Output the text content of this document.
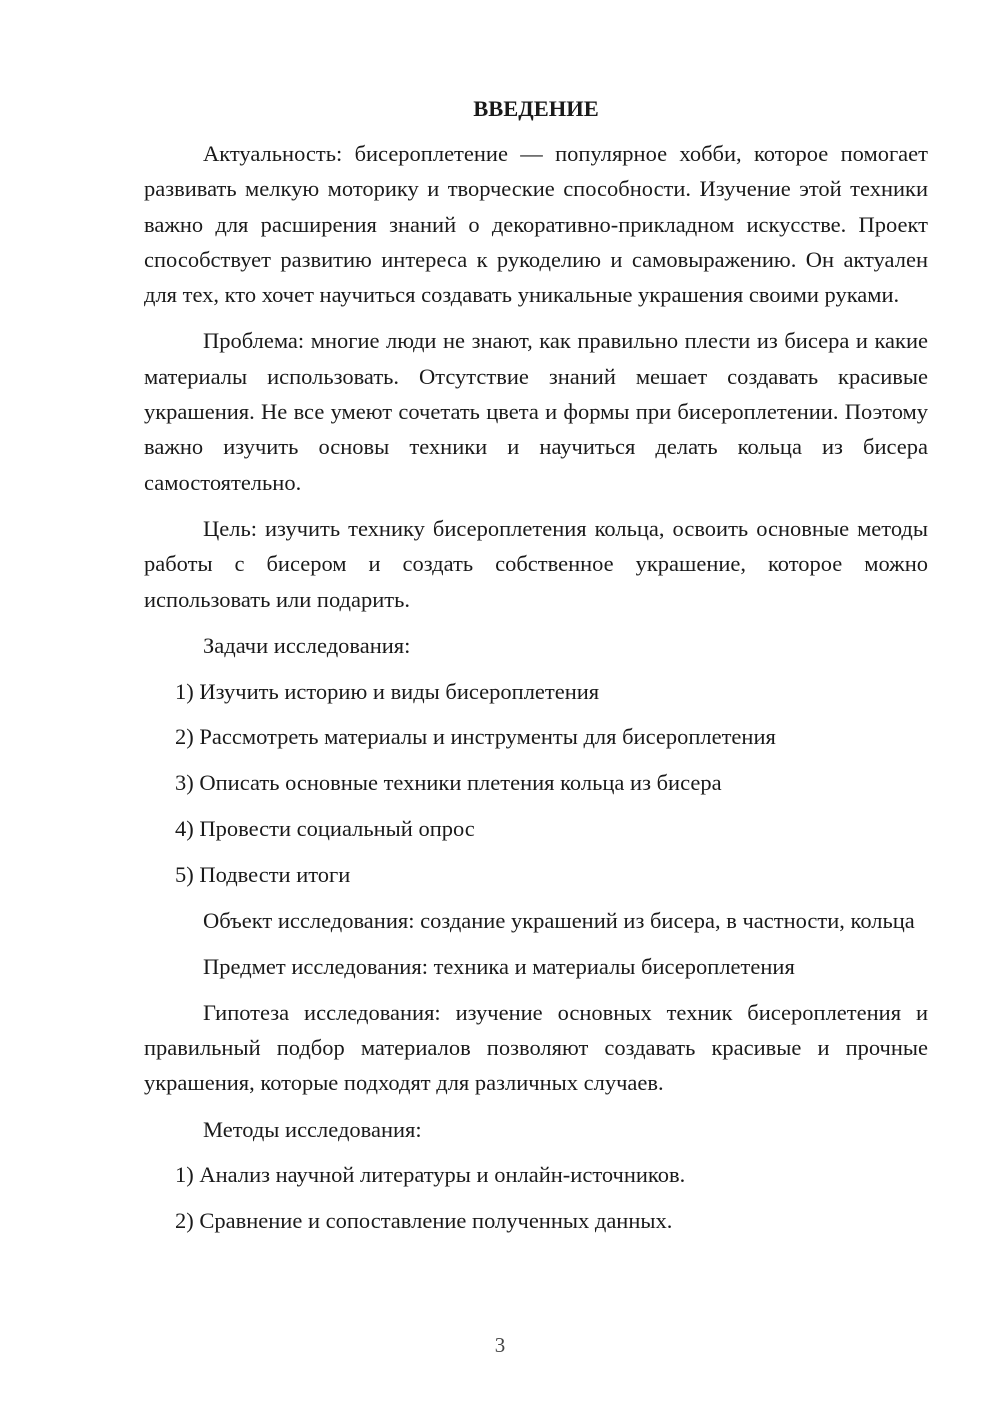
ВВЕДЕНИЕ

Актуальность: бисероплетение — популярное хобби, которое помогает развивать мелкую моторику и творческие способности. Изучение этой техники важно для расширения знаний о декоративно-прикладном искусстве. Проект способствует развитию интереса к рукоделию и самовыражению. Он актуален для тех, кто хочет научиться создавать уникальные украшения своими руками.

Проблема: многие люди не знают, как правильно плести из бисера и какие материалы использовать. Отсутствие знаний мешает создавать красивые украшения. Не все умеют сочетать цвета и формы при бисероплетении. Поэтому важно изучить основы техники и научиться делать кольца из бисера самостоятельно.

Цель: изучить технику бисероплетения кольца, освоить основные методы работы с бисером и создать собственное украшение, которое можно использовать или подарить.

Задачи исследования:

1) Изучить историю и виды бисероплетения

2) Рассмотреть материалы и инструменты для бисероплетения

3) Описать основные техники плетения кольца из бисера

4) Провести социальный опрос

5) Подвести итоги

Объект исследования: создание украшений из бисера, в частности, кольца

Предмет исследования: техника и материалы бисероплетения

Гипотеза исследования: изучение основных техник бисероплетения и правильный подбор материалов позволяют создавать красивые и прочные украшения, которые подходят для различных случаев.

Методы исследования:

1) Анализ научной литературы и онлайн-источников.

2) Сравнение и сопоставление полученных данных.

3
